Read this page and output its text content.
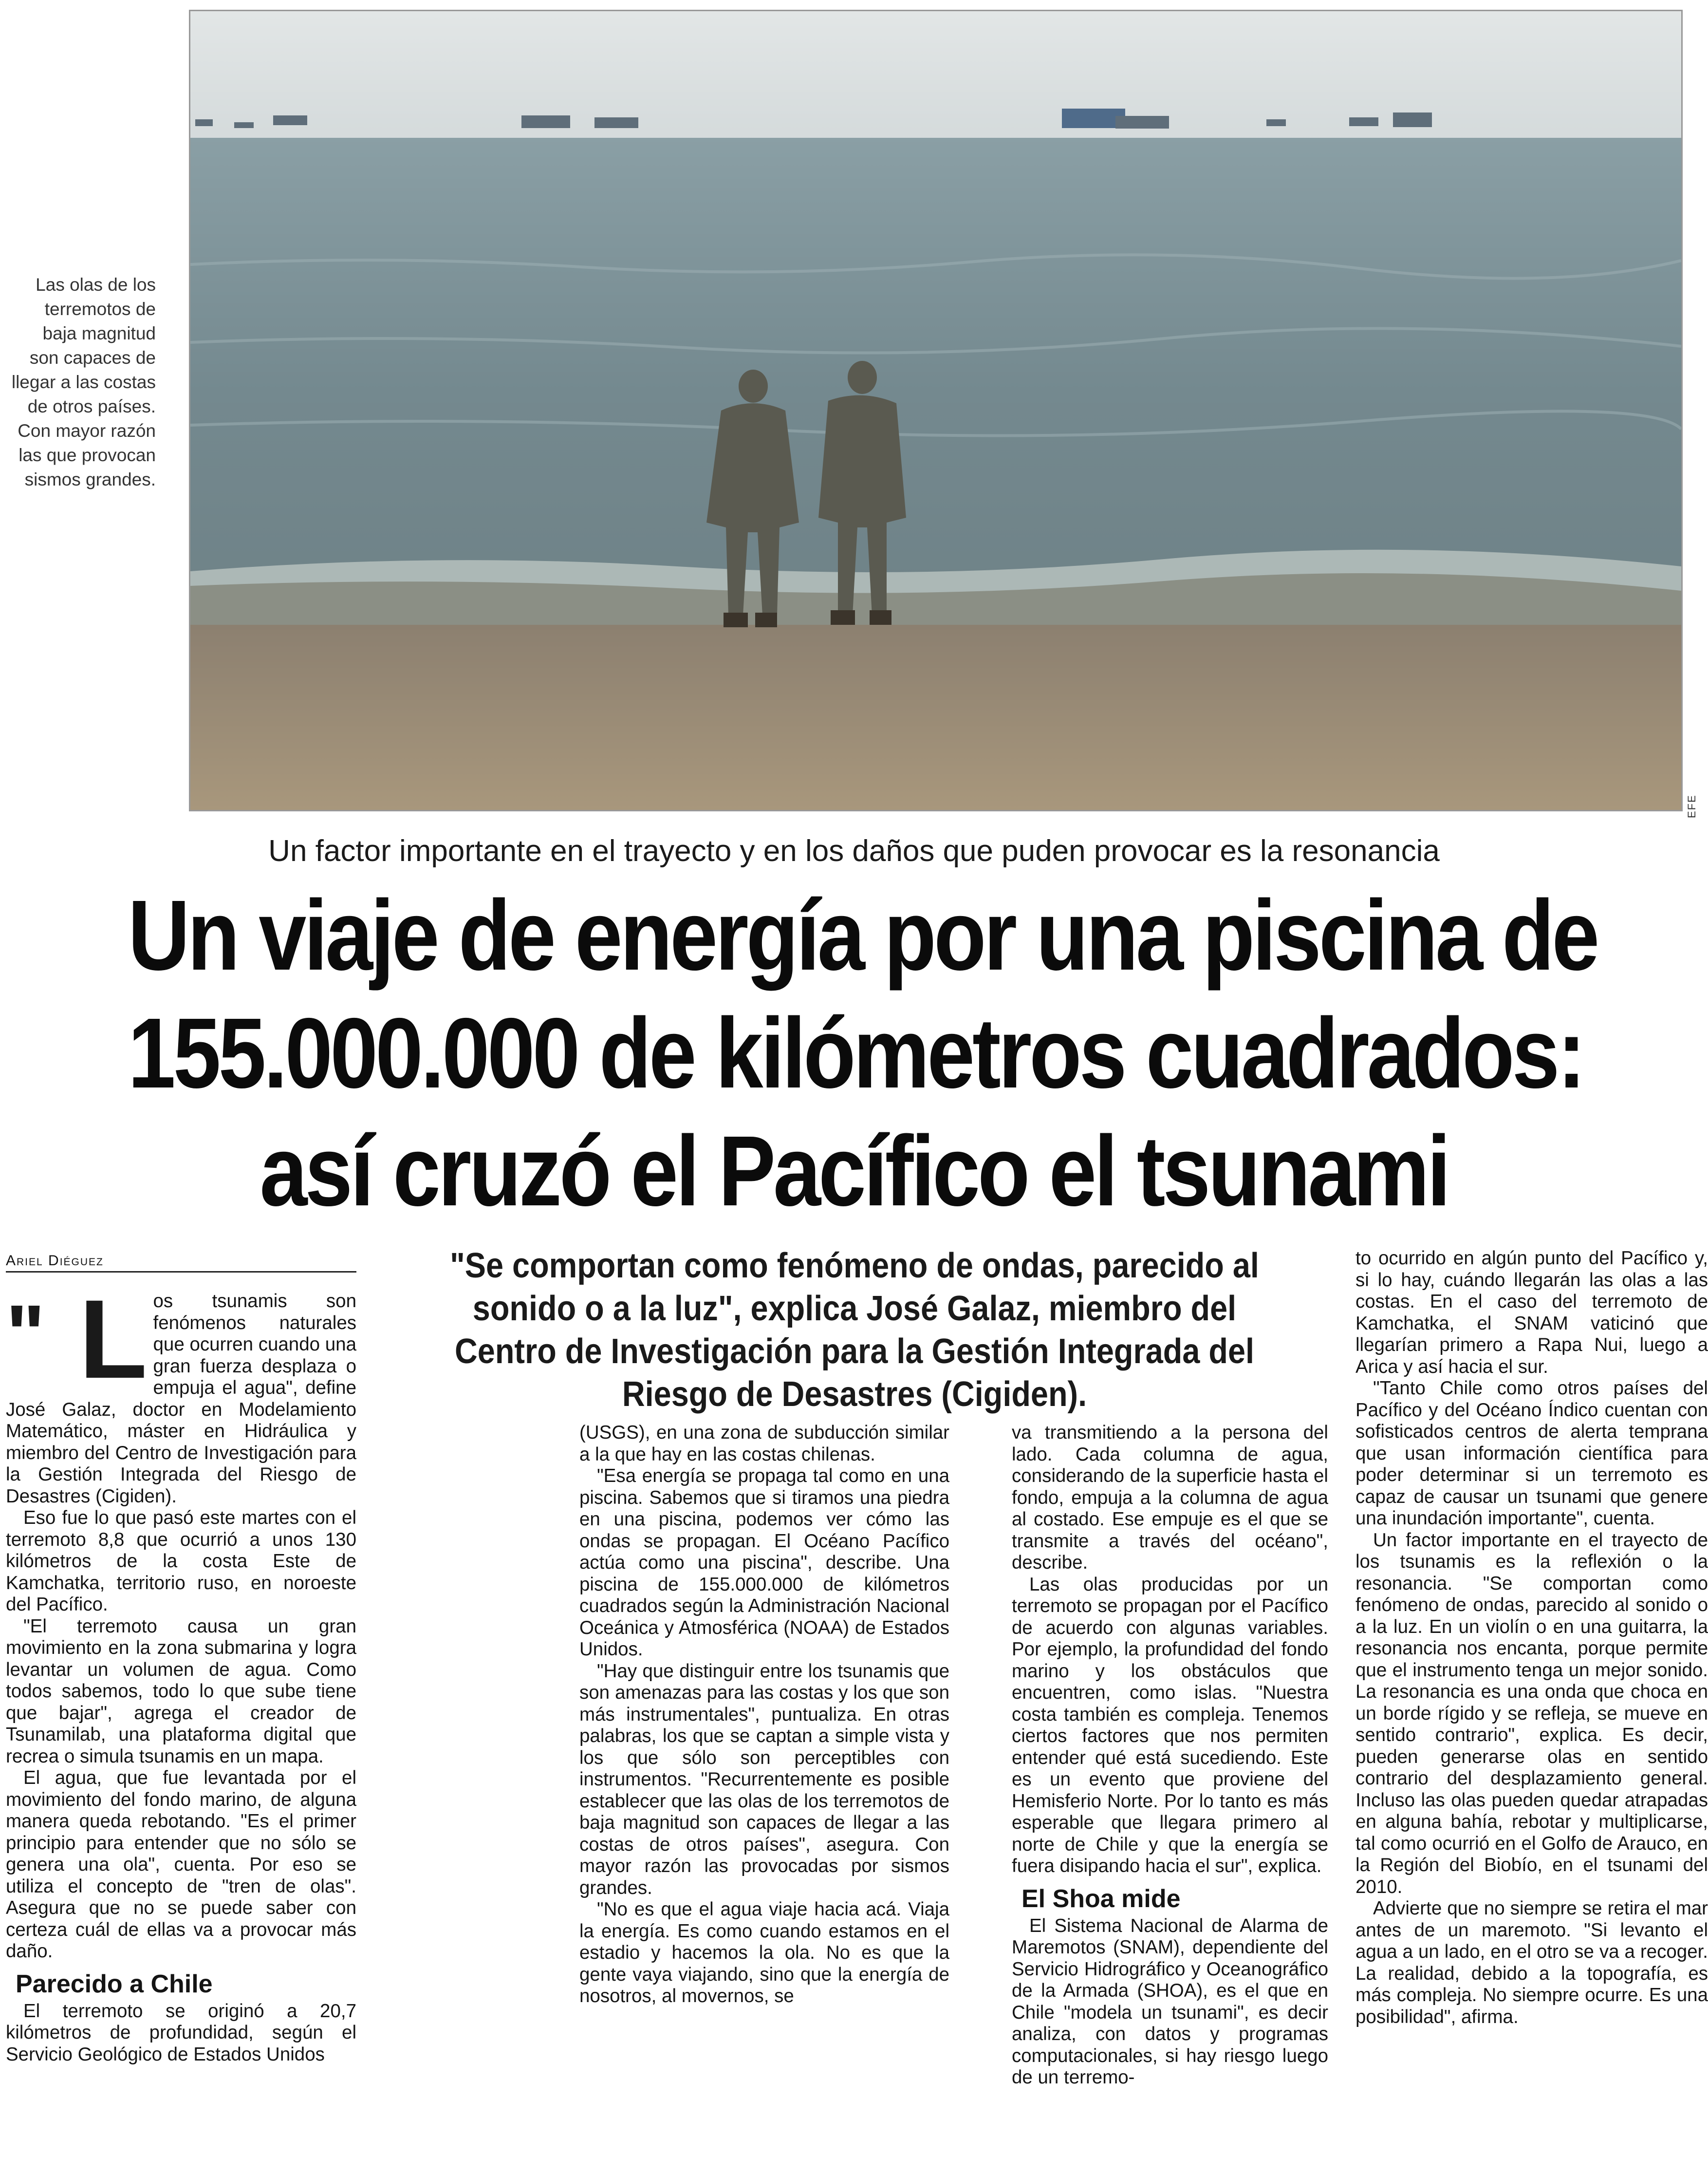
Las olas de los terremotos de baja magnitud son capaces de llegar a las costas de otros países. Con mayor razón las que provocan sismos grandes.
EFE
Un factor importante en el trayecto y en los daños que puden provocar es la resonancia
Un viaje de energía por una piscina de
155.000.000 de kilómetros cuadrados:
así cruzó el Pacífico el tsunami
Ariel Diéguez	"Se comportan como fenómeno de ondas, parecido al sonido o a la luz", explica José Galaz, miembro del Centro de Investigación para la Gestión Integrada del Riesgo de Desastres (Cigiden).

" L os tsunamis son fenómenos naturales que ocurren cuando una gran fuerza desplaza o empuja el agua", define José Galaz, doctor en Modelamiento Matemático, máster en Hidráulica y miembro del Centro de Investigación para la Gestión Integrada del Riesgo de Desastres (Cigiden).

Eso fue lo que pasó este martes con el terremoto 8,8 que ocurrió a unos 130 kilómetros de la costa Este de Kamchatka, territorio ruso, en noroeste del Pacífico.

"El terremoto causa un gran movimiento en la zona submarina y logra levantar un volumen de agua. Como todos sabemos, todo lo que sube tiene que bajar", agrega el creador de Tsunamilab, una plataforma digital que recrea o simula tsunamis en un mapa.

El agua, que fue levantada por el movimiento del fondo marino, de alguna manera queda rebotando. "Es el primer principio para entender que no sólo se genera una ola", cuenta. Por eso se utiliza el concepto de "tren de olas". Asegura que no se puede saber con certeza cuál de ellas va a provocar más daño.

Parecido a Chile

El terremoto se originó a 20,7 kilómetros de profundidad, según el Servicio Geológico de Estados Unidos

(USGS), en una zona de subducción similar a la que hay en las costas chilenas.

"Esa energía se propaga tal como en una piscina. Sabemos que si tiramos una piedra en una piscina, podemos ver cómo las ondas se propagan. El Océano Pacífico actúa como una piscina", describe. Una piscina de 155.000.000 de kilómetros cuadrados según la Administración Nacional Oceánica y Atmosférica (NOAA) de Estados Unidos.

"Hay que distinguir entre los tsunamis que son amenazas para las costas y los que son más instrumentales", puntualiza. En otras palabras, los que se captan a simple vista y los que sólo son perceptibles con instrumentos. "Recurrentemente es posible establecer que las olas de los terremotos de baja magnitud son capaces de llegar a las costas de otros países", asegura. Con mayor razón las provocadas por sismos grandes.

"No es que el agua viaje hacia acá. Viaja la energía. Es como cuando estamos en el estadio y hacemos la ola. No es que la gente vaya viajando, sino que la energía de nosotros, al movernos, se

va transmitiendo a la persona del lado. Cada columna de agua, considerando de la superficie hasta el fondo, empuja a la columna de agua al costado. Ese empuje es el que se transmite a través del océano", describe.

Las olas producidas por un terremoto se propagan por el Pacífico de acuerdo con algunas variables. Por ejemplo, la profundidad del fondo marino y los obstáculos que encuentren, como islas. "Nuestra costa también es compleja. Tenemos ciertos factores que nos permiten entender qué está sucediendo. Este es un evento que proviene del Hemisferio Norte. Por lo tanto es más esperable que llegara primero al norte de Chile y que la energía se fuera disipando hacia el sur", explica.

El Shoa mide

El Sistema Nacional de Alarma de Maremotos (SNAM), dependiente del Servicio Hidrográfico y Oceanográfico de la Armada (SHOA), es el que en Chile "modela un tsunami", es decir analiza, con datos y programas computacionales, si hay riesgo luego de un terremo-

to ocurrido en algún punto del Pacífico y, si lo hay, cuándo llegarán las olas a las costas. En el caso del terremoto de Kamchatka, el SNAM vaticinó que llegarían primero a Rapa Nui, luego a Arica y así hacia el sur.

"Tanto Chile como otros países del Pacífico y del Océano Índico cuentan con sofisticados centros de alerta temprana que usan información científica para poder determinar si un terremoto es capaz de causar un tsunami que genere una inundación importante", cuenta.

Un factor importante en el trayecto de los tsunamis es la reflexión o la resonancia. "Se comportan como fenómeno de ondas, parecido al sonido o a la luz. En un violín o en una guitarra, la resonancia nos encanta, porque permite que el instrumento tenga un mejor sonido. La resonancia es una onda que choca en un borde rígido y se refleja, se mueve en sentido contrario", explica. Es decir, pueden generarse olas en sentido contrario del desplazamiento general. Incluso las olas pueden quedar atrapadas en alguna bahía, rebotar y multiplicarse, tal como ocurrió en el Golfo de Arauco, en la Región del Biobío, en el tsunami del 2010.

Advierte que no siempre se retira el mar antes de un maremoto. "Si levanto el agua a un lado, en el otro se va a recoger. La realidad, debido a la topografía, es más compleja. No siempre ocurre. Es una posibilidad", afirma.
